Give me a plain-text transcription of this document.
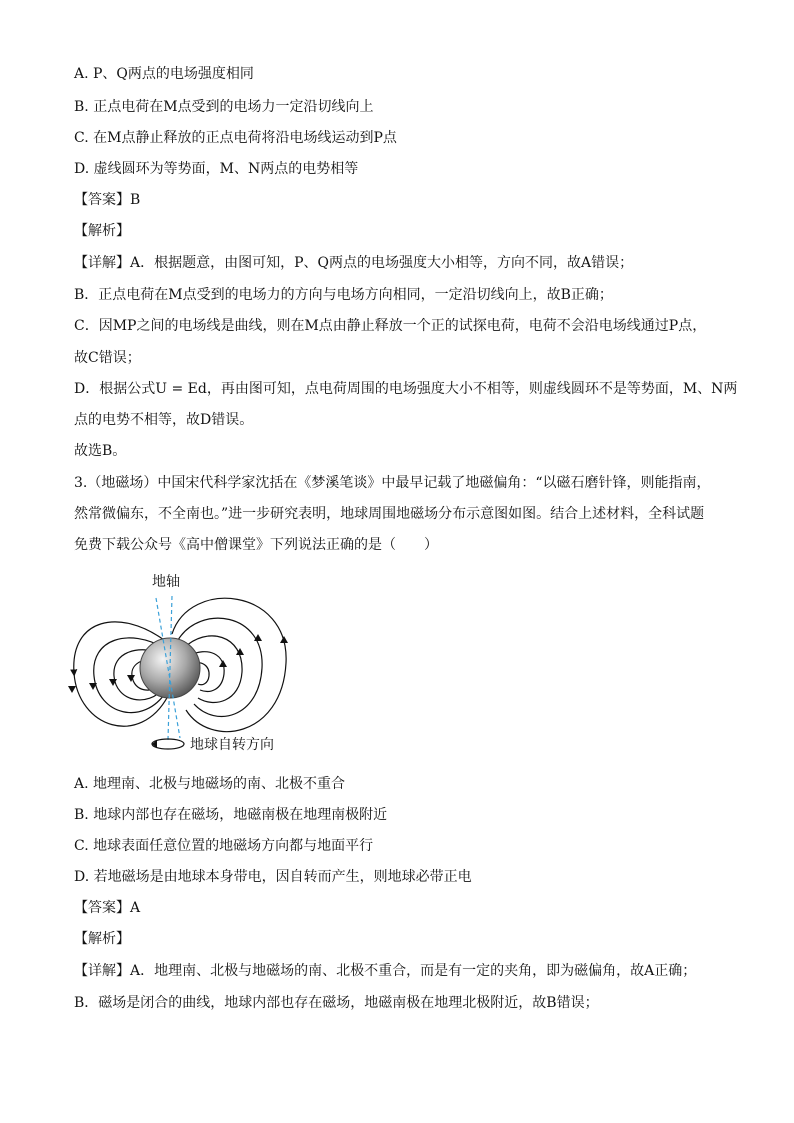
A. P、Q两点的电场强度相同
B. 正点电荷在M点受到的电场力一定沿切线向上
C. 在M点静止释放的正点电荷将沿电场线运动到P点
D. 虚线圆环为等势面，M、N两点的电势相等
【答案】B
【解析】
【详解】A．根据题意，由图可知，P、Q两点的电场强度大小相等，方向不同，故A错误；
B．正点电荷在M点受到的电场力的方向与电场方向相同，一定沿切线向上，故B正确；
C．因MP之间的电场线是曲线，则在M点由静止释放一个正的试探电荷，电荷不会沿电场线通过P点，
故C错误；
D．根据公式U = Ed，再由图可知，点电荷周围的电场强度大小不相等，则虚线圆环不是等势面，M、N两
点的电势不相等，故D错误。
故选B。
3.（地磁场）中国宋代科学家沈括在《梦溪笔谈》中最早记载了地磁偏角：“以磁石磨针锋，则能指南，
然常微偏东，不全南也。”进一步研究表明，地球周围地磁场分布示意图如图。结合上述材料，全科试题
免费下载公众号《高中僧课堂》下列说法正确的是（　　）
地轴
地球自转方向
A. 地理南、北极与地磁场的南、北极不重合
B. 地球内部也存在磁场，地磁南极在地理南极附近
C. 地球表面任意位置的地磁场方向都与地面平行
D. 若地磁场是由地球本身带电，因自转而产生，则地球必带正电
【答案】A
【解析】
【详解】A．地理南、北极与地磁场的南、北极不重合，而是有一定的夹角，即为磁偏角，故A正确；
B．磁场是闭合的曲线，地球内部也存在磁场，地磁南极在地理北极附近，故B错误；
